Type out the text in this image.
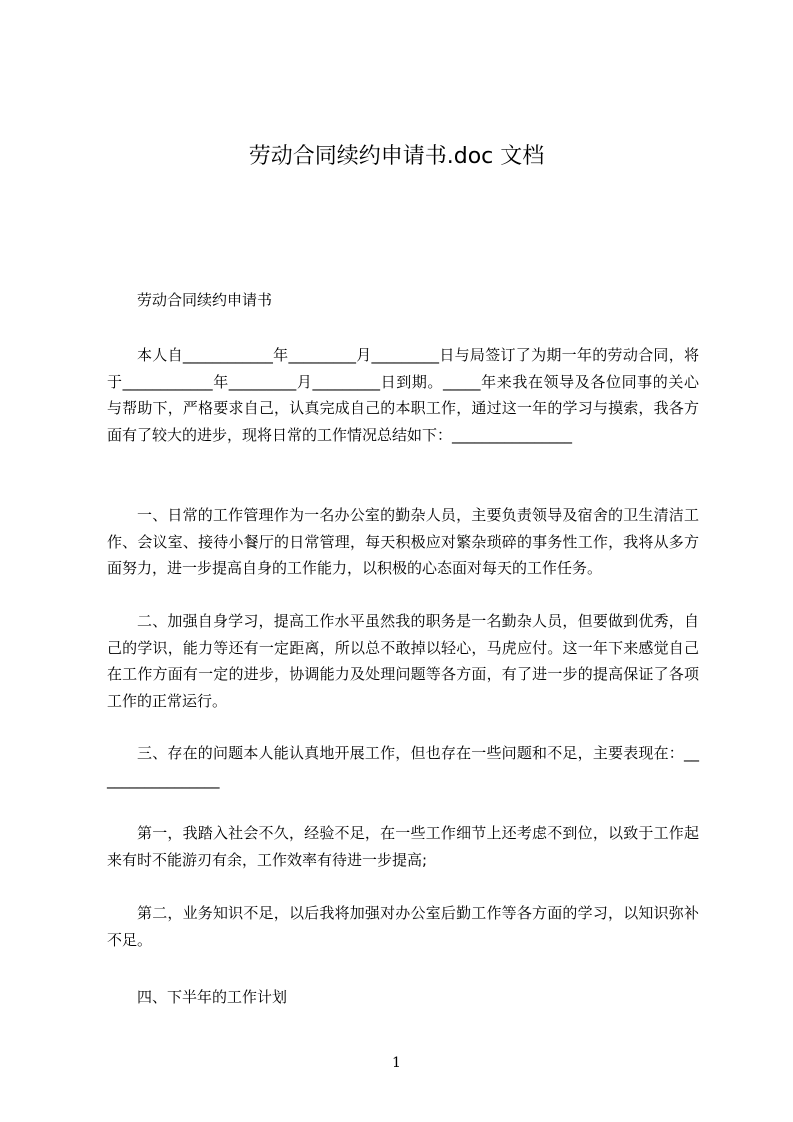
劳动合同续约申请书.doc 文档
劳动合同续约申请书

本人自____________年_________月_________日与局签订了为期一年的劳动合同，将于____________年_________月_________日到期。_____年来我在领导及各位同事的关心与帮助下，严格要求自己，认真完成自己的本职工作，通过这一年的学习与摸索，我各方面有了较大的进步，现将日常的工作情况总结如下：________________

一、日常的工作管理作为一名办公室的勤杂人员，主要负责领导及宿舍的卫生清洁工作、会议室、接待小餐厅的日常管理，每天积极应对繁杂琐碎的事务性工作，我将从多方面努力，进一步提高自身的工作能力，以积极的心态面对每天的工作任务。

二、加强自身学习，提高工作水平虽然我的职务是一名勤杂人员，但要做到优秀，自己的学识，能力等还有一定距离，所以总不敢掉以轻心，马虎应付。这一年下来感觉自己在工作方面有一定的进步，协调能力及处理问题等各方面，有了进一步的提高保证了各项工作的正常运行。

三、存在的问题本人能认真地开展工作，但也存在一些问题和不足，主要表现在：_________________

第一，我踏入社会不久，经验不足，在一些工作细节上还考虑不到位，以致于工作起来有时不能游刃有余，工作效率有待进一步提高;

第二，业务知识不足，以后我将加强对办公室后勤工作等各方面的学习，以知识弥补不足。

四、下半年的工作计划
1
